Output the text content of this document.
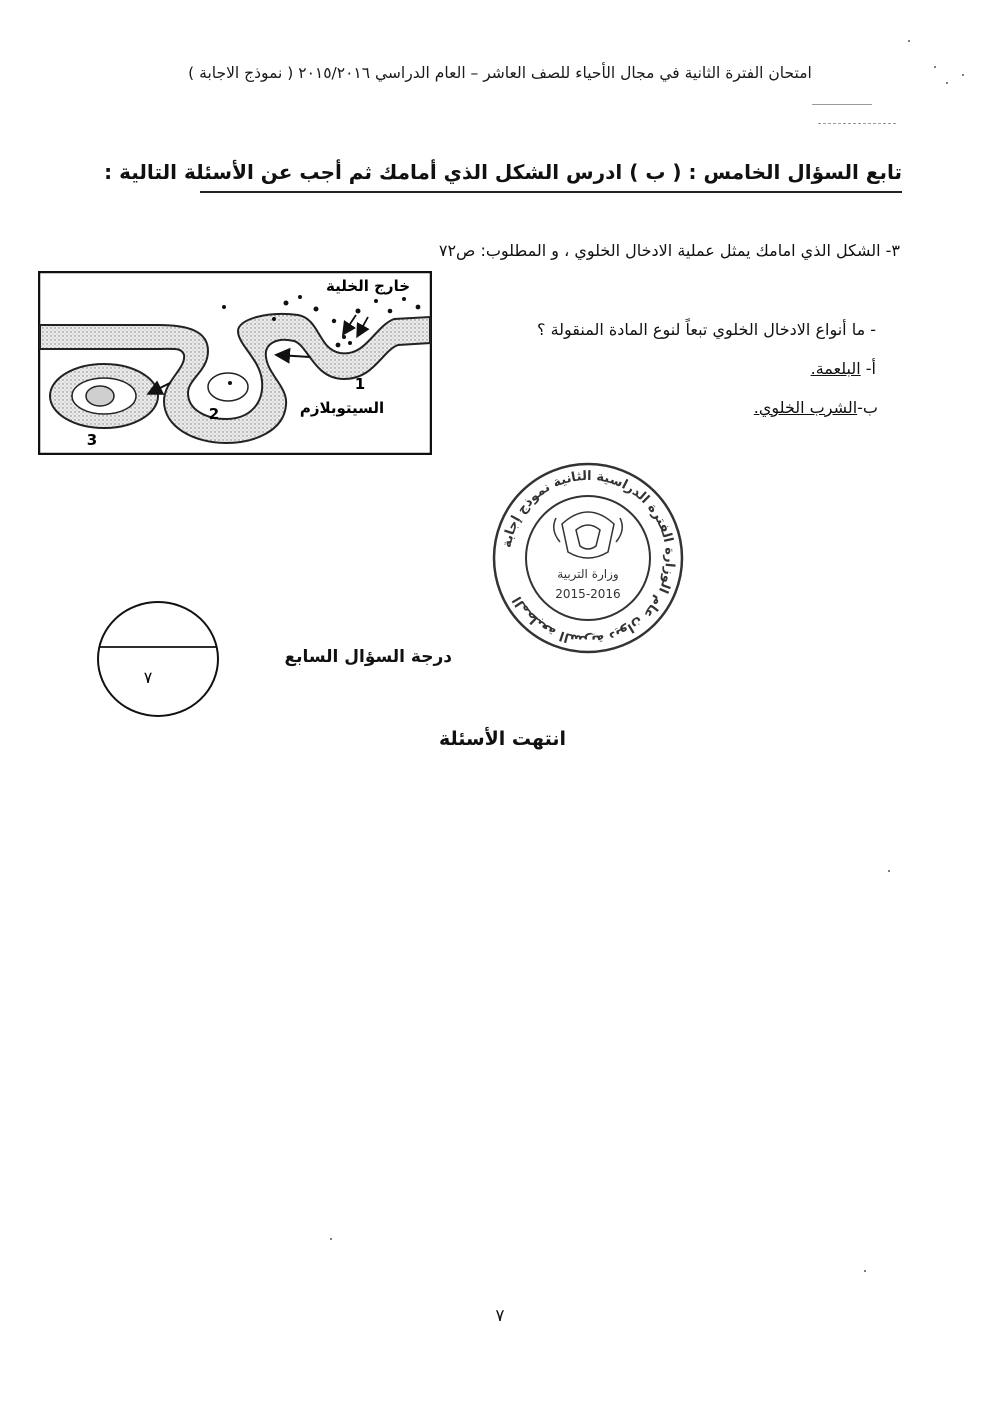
امتحان الفترة الثانية في مجال الأحياء للصف العاشر – العام الدراسي ٢٠١٥/٢٠١٦ ( نموذج الاجابة )
تابع السؤال الخامس : ( ب ) ادرس الشكل الذي أمامك ثم أجب عن الأسئلة التالية :
٣- الشكل الذي امامك يمثل عملية الادخال الخلوي ، و المطلوب: ص٧٢
- ما أنواع الادخال الخلوي تبعاً لنوع المادة المنقولة ؟
أ- البلعمة.
ب-الشرب الخلوي.
خارج الخلية
1
السيتوبلازم
2
3
المطبعة السرية ديوان عام الوزارة الفترة الدراسية الثانية نموذج إجابة
وزارة التربية
2015-2016
٧
درجة السؤال السابع
انتهت الأسئلة
٧
